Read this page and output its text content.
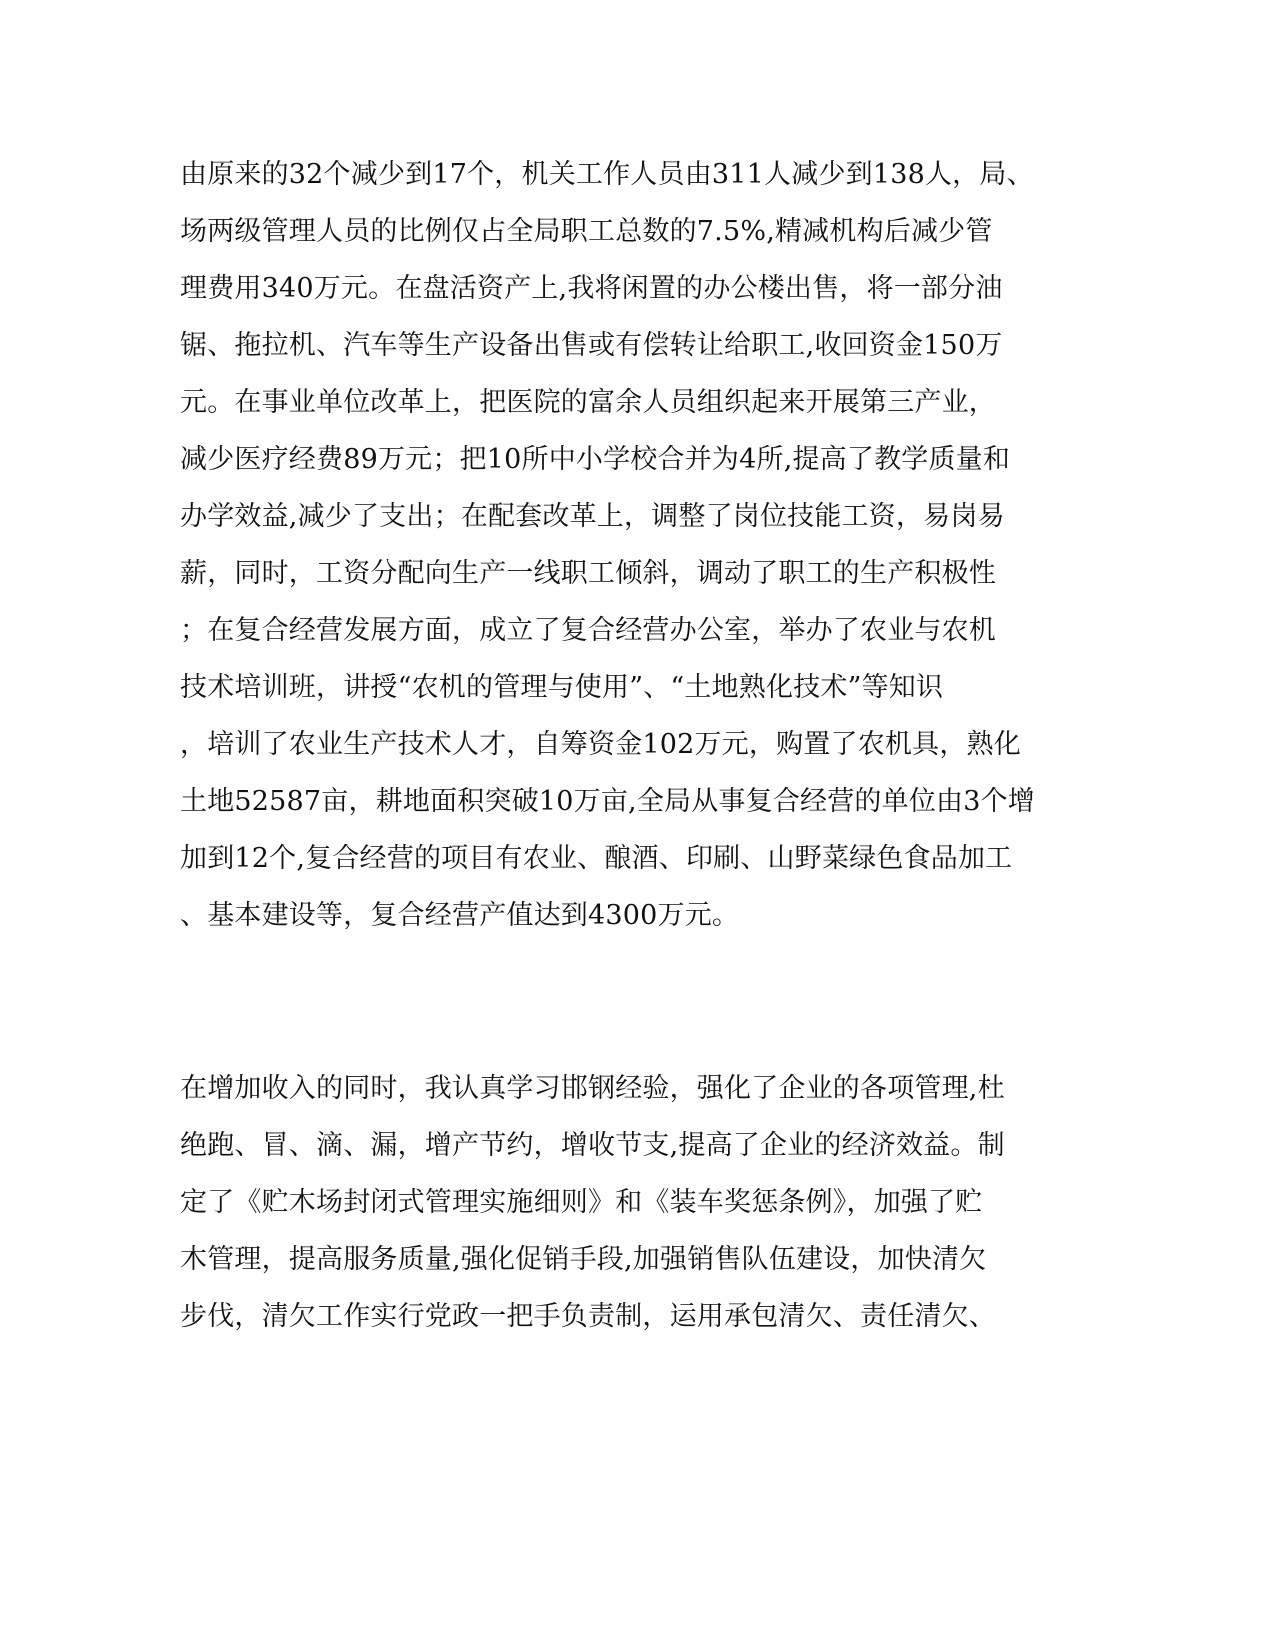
由原来的32个减少到17个，机关工作人员由311人减少到138人，局、
场两级管理人员的比例仅占全局职工总数的7.5%,精减机构后减少管
理费用340万元。在盘活资产上,我将闲置的办公楼出售，将一部分油
锯、拖拉机、汽车等生产设备出售或有偿转让给职工,收回资金150万
元。在事业单位改革上，把医院的富余人员组织起来开展第三产业，
减少医疗经费89万元；把10所中小学校合并为4所,提高了教学质量和
办学效益,减少了支出；在配套改革上，调整了岗位技能工资，易岗易
薪，同时，工资分配向生产一线职工倾斜，调动了职工的生产积极性
；在复合经营发展方面，成立了复合经营办公室，举办了农业与农机
技术培训班，讲授“农机的管理与使用”、“土地熟化技术”等知识
，培训了农业生产技术人才，自筹资金102万元，购置了农机具，熟化
土地52587亩，耕地面积突破10万亩,全局从事复合经营的单位由3个增
加到12个,复合经营的项目有农业、酿酒、印刷、山野菜绿色食品加工
、基本建设等，复合经营产值达到4300万元。
在增加收入的同时，我认真学习邯钢经验，强化了企业的各项管理,杜
绝跑、冒、滴、漏，增产节约，增收节支,提高了企业的经济效益。制
定了《贮木场封闭式管理实施细则》和《装车奖惩条例》，加强了贮
木管理，提高服务质量,强化促销手段,加强销售队伍建设，加快清欠
步伐，清欠工作实行党政一把手负责制，运用承包清欠、责任清欠、
